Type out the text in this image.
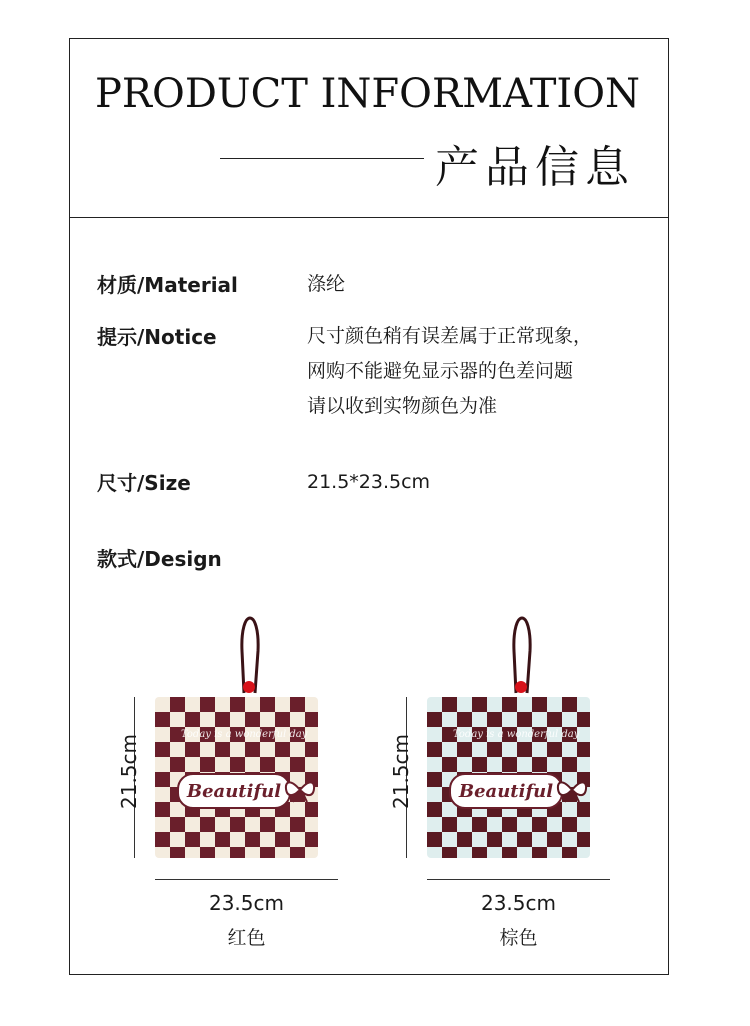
PRODUCT INFORMATION
产品信息
材质/Material	涤纶
提示/Notice	尺寸颜色稍有误差属于正常现象，
网购不能避免显示器的色差问题
请以收到实物颜色为准
尺寸/Size	21.5*23.5cm
款式/Design
Today is a wonderful day
Beautiful
21.5cm
23.5cm
红色
Today is a wonderful day
Beautiful
21.5cm
23.5cm
棕色
